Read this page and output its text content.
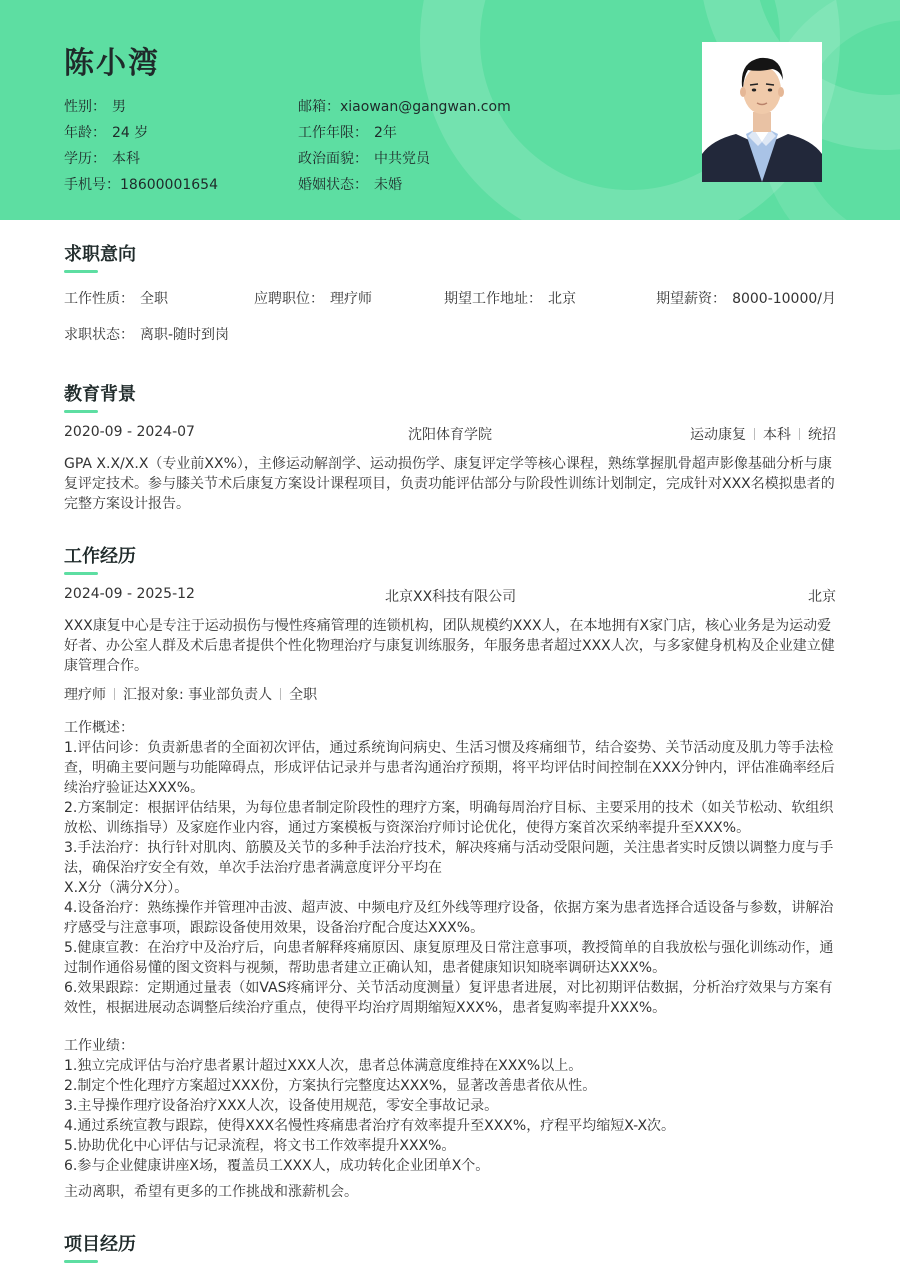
陈小湾
性别： 男	邮箱：xiaowan@gangwan.com
年龄： 24 岁	工作年限： 2年
学历： 本科	政治面貌： 中共党员
手机号：18600001654	婚姻状态： 未婚
求职意向
工作性质： 全职	应聘职位： 理疗师	期望工作地址： 北京	期望薪资： 8000-10000/月
求职状态： 离职-随时到岗
教育背景
2020-09 - 2024-07	沈阳体育学院	运动康复 本科 统招
GPA X.X/X.X（专业前XX%），主修运动解剖学、运动损伤学、康复评定学等核心课程，熟练掌握肌骨超声影像基础分析与康
复评定技术。参与膝关节术后康复方案设计课程项目，负责功能评估部分与阶段性训练计划制定，完成针对XXX名模拟患者的
完整方案设计报告。
工作经历
2024-09 - 2025-12	北京XX科技有限公司	北京
XXX康复中心是专注于运动损伤与慢性疼痛管理的连锁机构，团队规模约XXX人，在本地拥有X家门店，核心业务是为运动爱
好者、办公室人群及术后患者提供个性化物理治疗与康复训练服务，年服务患者超过XXX人次，与多家健身机构及企业建立健
康管理合作。
理疗师 汇报对象: 事业部负责人 全职
工作概述：
1.评估问诊：负责新患者的全面初次评估，通过系统询问病史、生活习惯及疼痛细节，结合姿势、关节活动度及肌力等手法检
查，明确主要问题与功能障碍点，形成评估记录并与患者沟通治疗预期，将平均评估时间控制在XXX分钟内，评估准确率经后
续治疗验证达XXX%。
2.方案制定：根据评估结果，为每位患者制定阶段性的理疗方案，明确每周治疗目标、主要采用的技术（如关节松动、软组织
放松、训练指导）及家庭作业内容，通过方案模板与资深治疗师讨论优化，使得方案首次采纳率提升至XXX%。
3.手法治疗：执行针对肌肉、筋膜及关节的多种手法治疗技术，解决疼痛与活动受限问题，关注患者实时反馈以调整力度与手
法，确保治疗安全有效，单次手法治疗患者满意度评分平均在
X.X分（满分X分）。
4.设备治疗：熟练操作并管理冲击波、超声波、中频电疗及红外线等理疗设备，依据方案为患者选择合适设备与参数，讲解治
疗感受与注意事项，跟踪设备使用效果，设备治疗配合度达XXX%。
5.健康宣教：在治疗中及治疗后，向患者解释疼痛原因、康复原理及日常注意事项，教授简单的自我放松与强化训练动作，通
过制作通俗易懂的图文资料与视频，帮助患者建立正确认知，患者健康知识知晓率调研达XXX%。
6.效果跟踪：定期通过量表（如VAS疼痛评分、关节活动度测量）复评患者进展，对比初期评估数据，分析治疗效果与方案有
效性，根据进展动态调整后续治疗重点，使得平均治疗周期缩短XXX%，患者复购率提升XXX%。
工作业绩：
1.独立完成评估与治疗患者累计超过XXX人次，患者总体满意度维持在XXX%以上。
2.制定个性化理疗方案超过XXX份，方案执行完整度达XXX%，显著改善患者依从性。
3.主导操作理疗设备治疗XXX人次，设备使用规范，零安全事故记录。
4.通过系统宣教与跟踪，使得XXX名慢性疼痛患者治疗有效率提升至XXX%，疗程平均缩短X-X次。
5.协助优化中心评估与记录流程，将文书工作效率提升XXX%。
6.参与企业健康讲座X场，覆盖员工XXX人，成功转化企业团单X个。
主动离职，希望有更多的工作挑战和涨薪机会。
项目经历
